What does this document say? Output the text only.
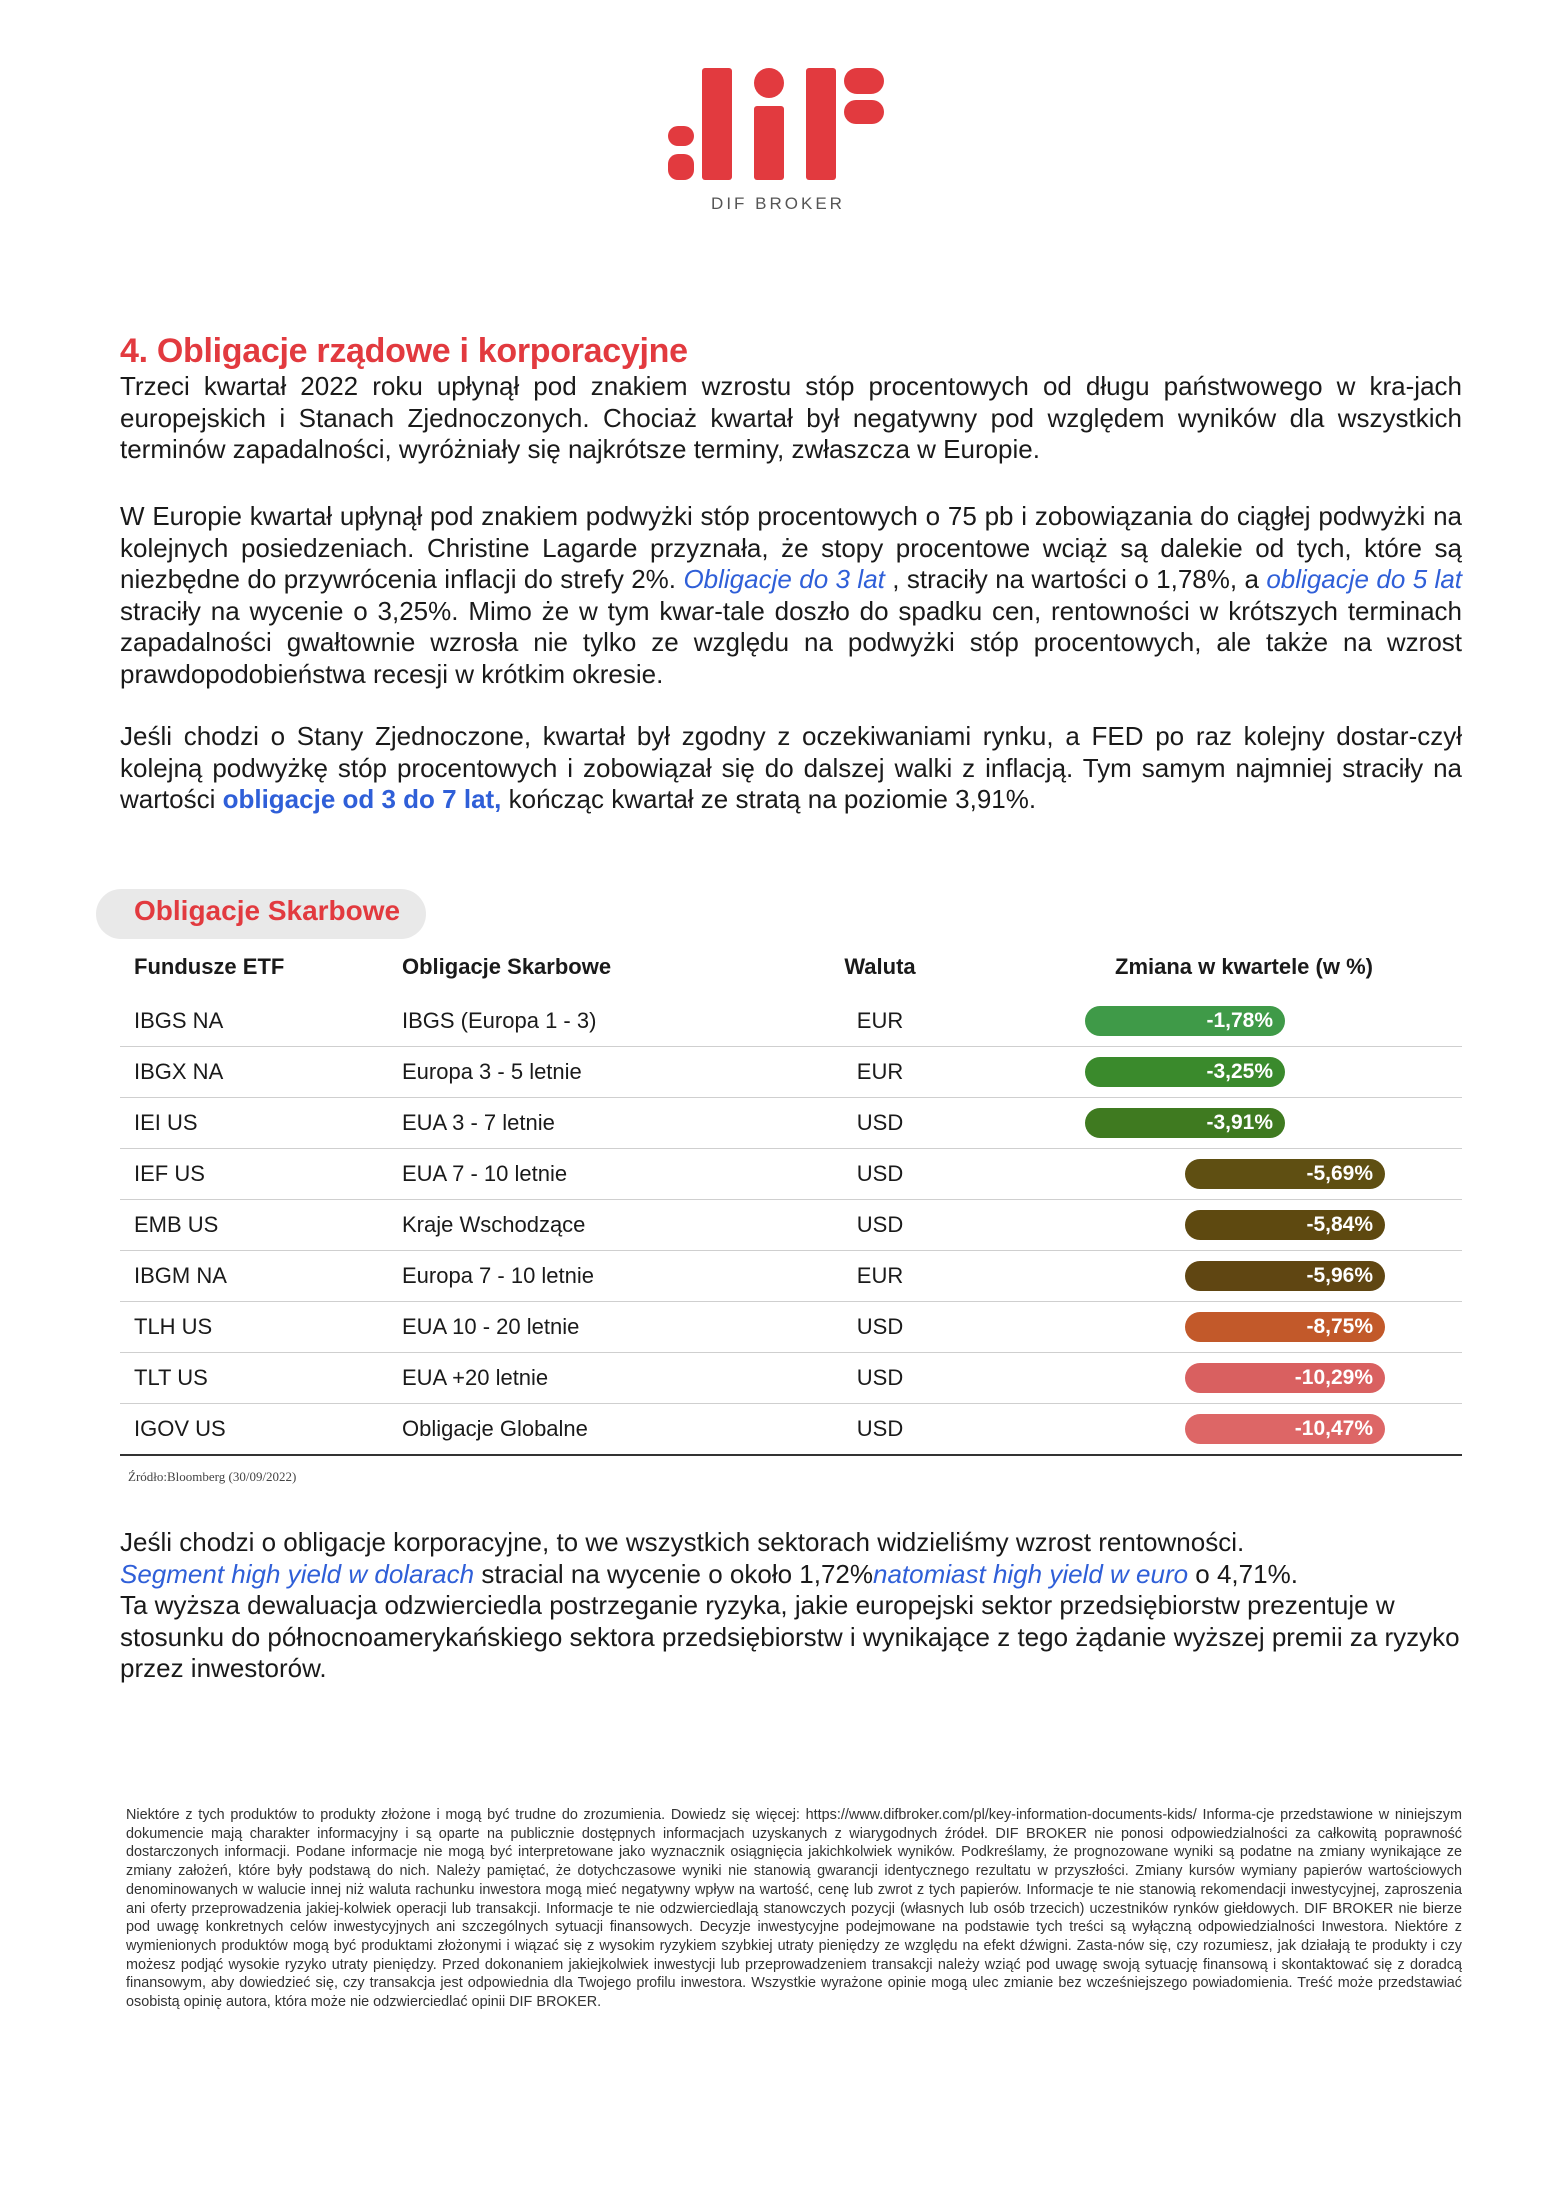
DIF BROKER
4. Obligacje rządowe i korporacyjne
Trzeci kwartał 2022 roku upłynął pod znakiem wzrostu stóp procentowych od długu państwowego w kra-jach europejskich i Stanach Zjednoczonych. Chociaż kwartał był negatywny pod względem wyników dla wszystkich terminów zapadalności, wyróżniały się najkrótsze terminy, zwłaszcza w Europie.
W Europie kwartał upłynął pod znakiem podwyżki stóp procentowych o 75 pb i zobowiązania do ciągłej podwyżki na kolejnych posiedzeniach. Christine Lagarde przyznała, że stopy procentowe wciąż są dalekie od tych, które są niezbędne do przywrócenia inflacji do strefy 2%. Obligacje do 3 lat , straciły na wartości o 1,78%, a obligacje do 5 lat straciły na wycenie o 3,25%. Mimo że w tym kwar-tale doszło do spadku cen, rentowności w krótszych terminach zapadalności gwałtownie wzrosła nie tylko ze względu na podwyżki stóp procentowych, ale także na wzrost prawdopodobieństwa recesji w krótkim okresie.
Jeśli chodzi o Stany Zjednoczone, kwartał był zgodny z oczekiwaniami rynku, a FED po raz kolejny dostar-czył kolejną podwyżkę stóp procentowych i zobowiązał się do dalszej walki z inflacją. Tym samym najmniej straciły na wartości obligacje od 3 do 7 lat, kończąc kwartał ze stratą na poziomie 3,91%.
Obligacje Skarbowe
Fundusze ETF	Obligacje Skarbowe	Waluta	Zmiana w kwartele (w %)
IBGS NA	IBGS (Europa 1 - 3)	EUR	-1,78%
IBGX NA	Europa 3 - 5 letnie	EUR	-3,25%
IEI US	EUA 3 - 7 letnie	USD	-3,91%
IEF US	EUA 7 - 10 letnie	USD	-5,69%
EMB US	Kraje Wschodzące	USD	-5,84%
IBGM NA	Europa 7 - 10 letnie	EUR	-5,96%
TLH US	EUA 10 - 20 letnie	USD	-8,75%
TLT US	EUA +20 letnie	USD	-10,29%
IGOV US	Obligacje Globalne	USD	-10,47%
Źródło:Bloomberg (30/09/2022)
Jeśli chodzi o obligacje korporacyjne, to we wszystkich sektorach widzieliśmy wzrost rentowności.
Segment high yield w dolarach stracial na wycenie o około 1,72%natomiast high yield w euro o 4,71%.
Ta wyższa dewaluacja odzwierciedla postrzeganie ryzyka, jakie europejski sektor przedsiębiorstw prezentuje w stosunku do północnoamerykańskiego sektora przedsiębiorstw i wynikające z tego żądanie wyższej premii za ryzyko przez inwestorów.
Niektóre z tych produktów to produkty złożone i mogą być trudne do zrozumienia. Dowiedz się więcej: https://www.difbroker.com/pl/key-information-documents-kids/ Informa-cje przedstawione w niniejszym dokumencie mają charakter informacyjny i są oparte na publicznie dostępnych informacjach uzyskanych z wiarygodnych źródeł. DIF BROKER nie ponosi odpowiedzialności za całkowitą poprawność dostarczonych informacji. Podane informacje nie mogą być interpretowane jako wyznacznik osiągnięcia jakichkolwiek wyników. Podkreślamy, że prognozowane wyniki są podatne na zmiany wynikające ze zmiany założeń, które były podstawą do nich. Należy pamiętać, że dotychczasowe wyniki nie stanowią gwarancji identycznego rezultatu w przyszłości. Zmiany kursów wymiany papierów wartościowych denominowanych w walucie innej niż waluta rachunku inwestora mogą mieć negatywny wpływ na wartość, cenę lub zwrot z tych papierów. Informacje te nie stanowią rekomendacji inwestycyjnej, zaproszenia ani oferty przeprowadzenia jakiej-kolwiek operacji lub transakcji. Informacje te nie odzwierciedlają stanowczych pozycji (własnych lub osób trzecich) uczestników rynków giełdowych. DIF BROKER nie bierze pod uwagę konkretnych celów inwestycyjnych ani szczególnych sytuacji finansowych. Decyzje inwestycyjne podejmowane na podstawie tych treści są wyłączną odpowiedzialności Inwestora. Niektóre z wymienionych produktów mogą być produktami złożonymi i wiązać się z wysokim ryzykiem szybkiej utraty pieniędzy ze względu na efekt dźwigni. Zasta-nów się, czy rozumiesz, jak działają te produkty i czy możesz podjąć wysokie ryzyko utraty pieniędzy. Przed dokonaniem jakiejkolwiek inwestycji lub przeprowadzeniem transakcji należy wziąć pod uwagę swoją sytuację finansową i skontaktować się z doradcą finansowym, aby dowiedzieć się, czy transakcja jest odpowiednia dla Twojego profilu inwestora. Wszystkie wyrażone opinie mogą ulec zmianie bez wcześniejszego powiadomienia. Treść może przedstawiać osobistą opinię autora, która może nie odzwierciedlać opinii DIF BROKER.
